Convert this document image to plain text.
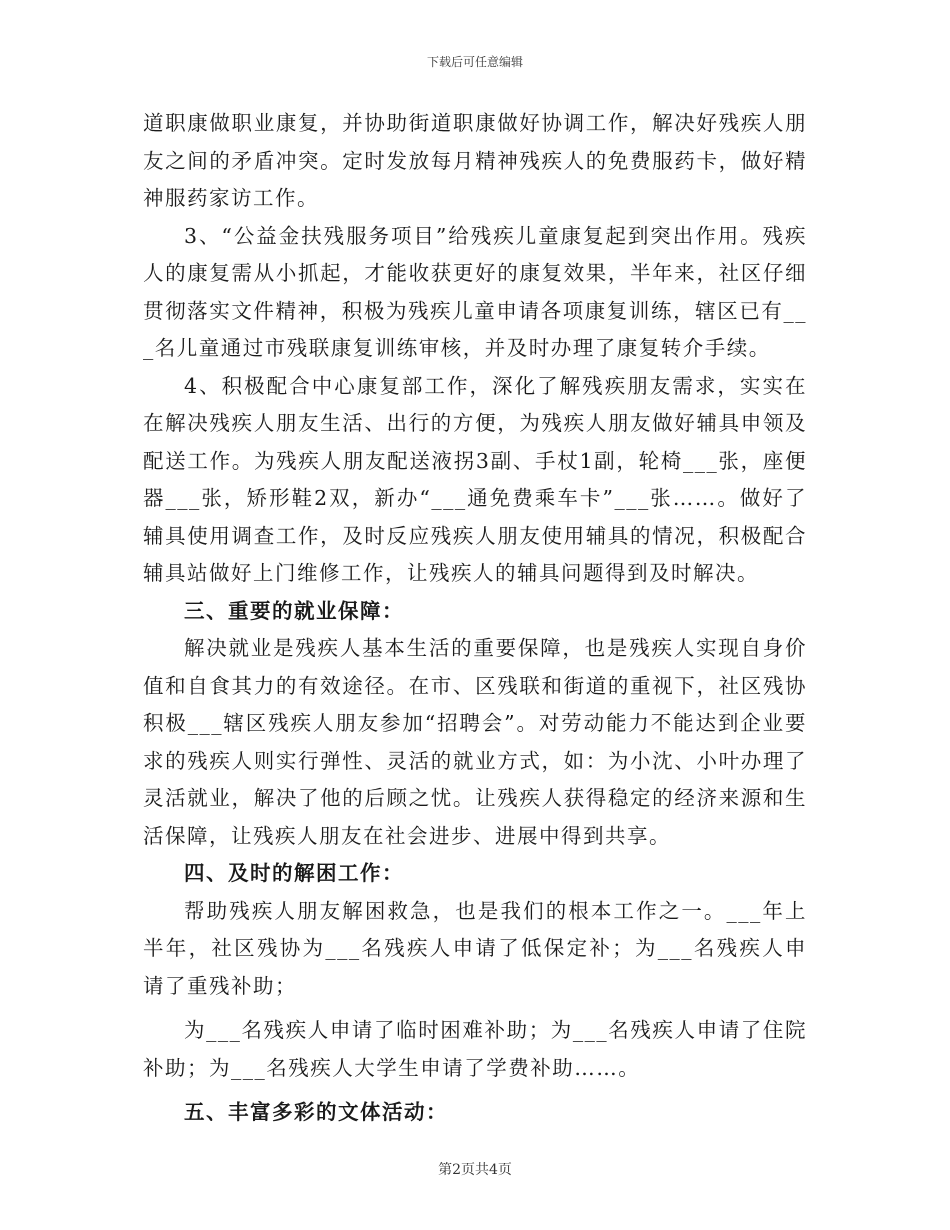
下载后可任意编辑

道职康做职业康复，并协助街道职康做好协调工作，解决好残疾人朋友之间的矛盾冲突。定时发放每月精神残疾人的免费服药卡，做好精神服药家访工作。

3、“公益金扶残服务项目”给残疾儿童康复起到突出作用。残疾人的康复需从小抓起，才能收获更好的康复效果，半年来，社区仔细贯彻落实文件精神，积极为残疾儿童申请各项康复训练，辖区已有___名儿童通过市残联康复训练审核，并及时办理了康复转介手续。

4、积极配合中心康复部工作，深化了解残疾朋友需求，实实在在解决残疾人朋友生活、出行的方便，为残疾人朋友做好辅具申领及配送工作。为残疾人朋友配送液拐3副、手杖1副，轮椅___张，座便器___张，矫形鞋2双，新办“___通免费乘车卡”___张……。做好了辅具使用调查工作，及时反应残疾人朋友使用辅具的情况，积极配合辅具站做好上门维修工作，让残疾人的辅具问题得到及时解决。

三、重要的就业保障：

解决就业是残疾人基本生活的重要保障，也是残疾人实现自身价值和自食其力的有效途径。在市、区残联和街道的重视下，社区残协积极___辖区残疾人朋友参加“招聘会”。对劳动能力不能达到企业要求的残疾人则实行弹性、灵活的就业方式，如：为小沈、小叶办理了灵活就业，解决了他的后顾之忧。让残疾人获得稳定的经济来源和生活保障，让残疾人朋友在社会进步、进展中得到共享。

四、及时的解困工作：

帮助残疾人朋友解困救急，也是我们的根本工作之一。___年上半年，社区残协为___名残疾人申请了低保定补；为___名残疾人申请了重残补助；

为___名残疾人申请了临时困难补助；为___名残疾人申请了住院补助；为___名残疾人大学生申请了学费补助……。

五、丰富多彩的文体活动：
第2页共4页
